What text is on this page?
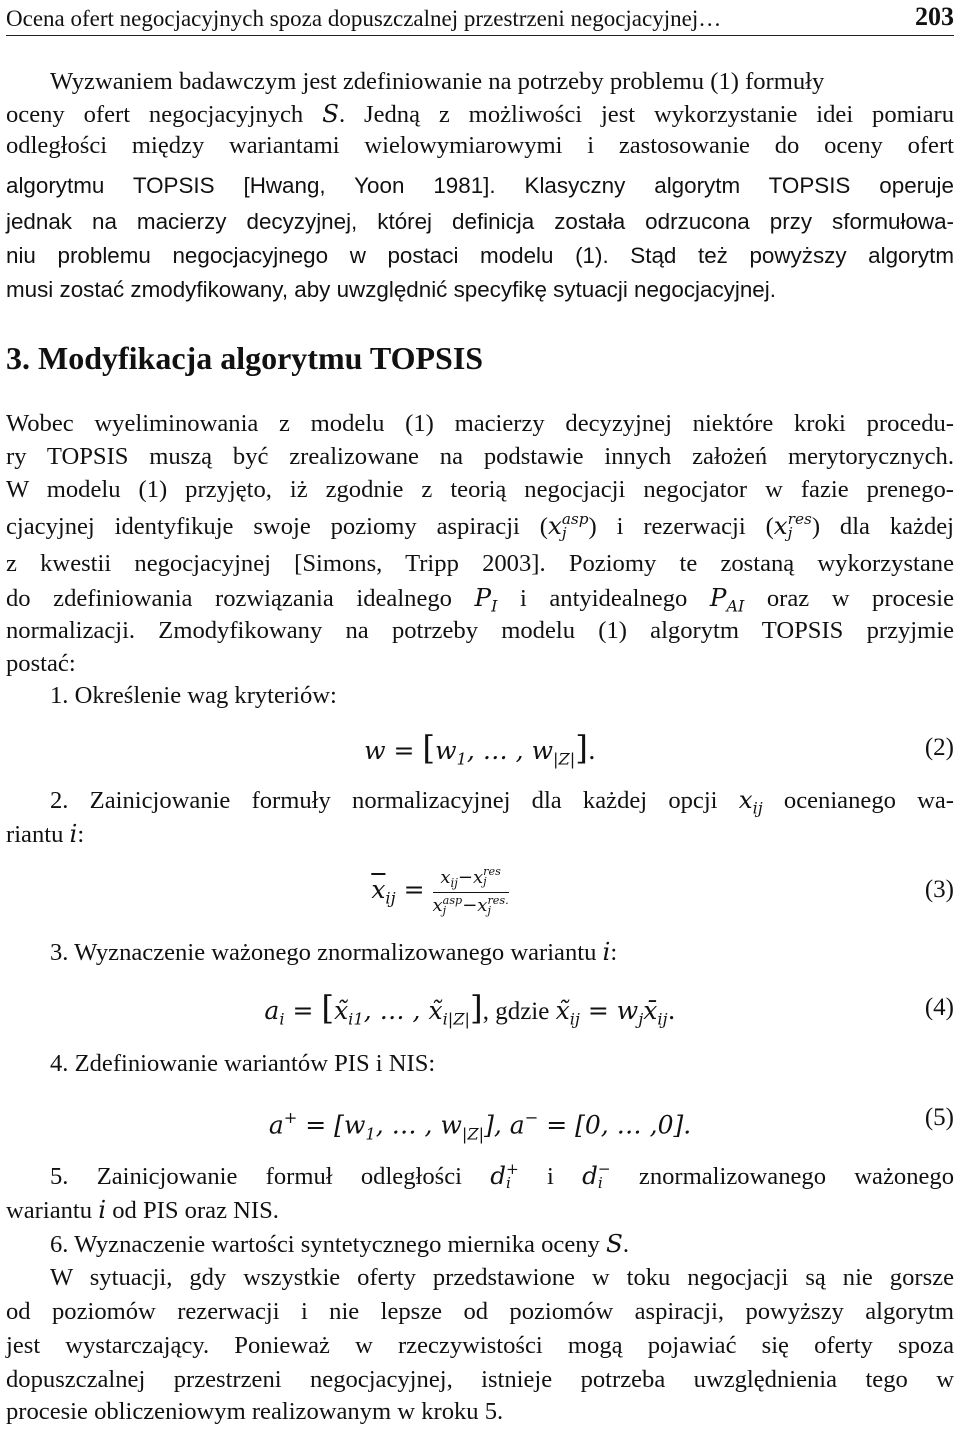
Ocena ofert negocjacyjnych spoza dopuszczalnej przestrzeni negocjacyjnej…	203
Wyzwaniem badawczym jest zdefiniowanie na potrzeby problemu (1) formuły
oceny ofert negocjacyjnych S. Jedną z możliwości jest wykorzystanie idei pomiaru
odległości między wariantami wielowymiarowymi i zastosowanie do oceny ofert
algorytmu TOPSIS [Hwang, Yoon 1981]. Klasyczny algorytm TOPSIS operuje
jednak na macierzy decyzyjnej, której definicja została odrzucona przy sformułowa-
niu problemu negocjacyjnego w postaci modelu (1). Stąd też powyższy algorytm
musi zostać zmodyfikowany, aby uwzględnić specyfikę sytuacji negocjacyjnej.
3. Modyfikacja algorytmu TOPSIS
Wobec wyeliminowania z modelu (1) macierzy decyzyjnej niektóre kroki procedu-
ry TOPSIS muszą być zrealizowane na podstawie innych założeń merytorycznych.
W modelu (1) przyjęto, iż zgodnie z teorią negocjacji negocjator w fazie prenego-
cjacyjnej identyfikuje swoje poziomy aspiracji (x asp
j ) i rezerwacji (x res
j ) dla każdej
z kwestii negocjacyjnej [Simons, Tripp 2003]. Poziomy te zostaną wykorzystane
do zdefiniowania rozwiązania idealnego $P_I$ i antyidealnego $P_{AI}$ oraz w procesie
normalizacji. Zmodyfikowany na potrzeby modelu (1) algorytm TOPSIS przyjmie
postać:
1. Określenie wag kryteriów:
$w = [w_1$, … , $w_{|Z|}$].	(2)
2. Zainicjowanie formuły normalizacyjnej dla każdej opcji $x_{ij}$ ocenianego wa-
riantu i:
$\overline{x}_{ij} = x_{ij}-x$ res
j
x asp
j −x res.
j	(3)
3. Wyznaczenie ważonego znormalizowanego wariantu i:
$a_i$ = [$x̃_{i1}$, … , $x̃_{i|Z|}$], gdzie $x̃_{ij}$ = $w_jx̄_{ij}$.	(4)
4. Zdefiniowanie wariantów PIS i NIS:
$a^+ = [w_1$, … , $w_{|Z|}$], a− = [0, … ,0].	(5)
5. Zainicjowanie formuł odległości d +
i i d −
i znormalizowanego ważonego
wariantu i od PIS oraz NIS.
6. Wyznaczenie wartości syntetycznego miernika oceny S.
W sytuacji, gdy wszystkie oferty przedstawione w toku negocjacji są nie gorsze
od poziomów rezerwacji i nie lepsze od poziomów aspiracji, powyższy algorytm
jest wystarczający. Ponieważ w rzeczywistości mogą pojawiać się oferty spoza
dopuszczalnej przestrzeni negocjacyjnej, istnieje potrzeba uwzględnienia tego w
procesie obliczeniowym realizowanym w kroku 5.
